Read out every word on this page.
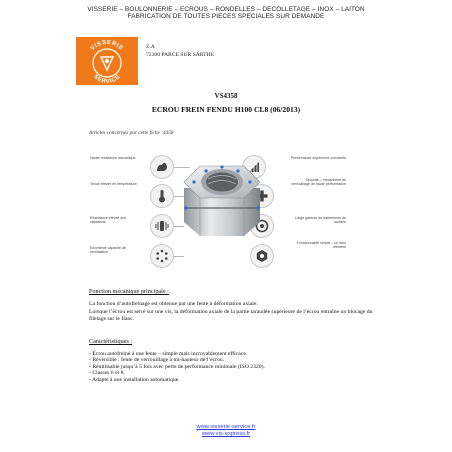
VISSERIE – BOULONNERIE – ECROUS – RONDELLES – DECOLLETAGE – INOX – LAITON
FABRICATION DE TOUTES PIECES SPECIALES SUR DEMANDE
VISSERIE
SERVICE
Z.A
72300 PARCE SUR SARTHE
VS4358
ECROU FREIN FENDU H100 CL8 (06/2013)
Articles concernés par cette fiche :4358
Haute résistance mécanique
Tenue élevée en température
Résistance élevée aux vibrations
Excellente capacité de réutilisation
Performance supérieure constante
Sécurité – mécanisme de verrouillage de haute performance
Large gamme de traitements de surface
Fonctionnalité simple – un seul élément
Fonction mécanique principale :
La fonction d’autofreinage est obtenue par une fente à déformation axiale.
Lorsque l’écrou est serré sur une vis, la déformation axiale de la partie taraudée supérieure de l’écrou entraîne un blocage du filetage sur le flanc.
Caractéristiques :
- Écrou autofreiné à une fente – simple mais incroyablement efficace.
- Réversible : fente de verrouillage à mi-hauteur de l’écrou.
- Réutilisable jusqu’à 5 fois avec perte de performance minimale (ISO 2320).
- Classes 6 et 8.
- Adapté à une installation automatique.
www.visserie-service.fr
www.vis-express.fr
